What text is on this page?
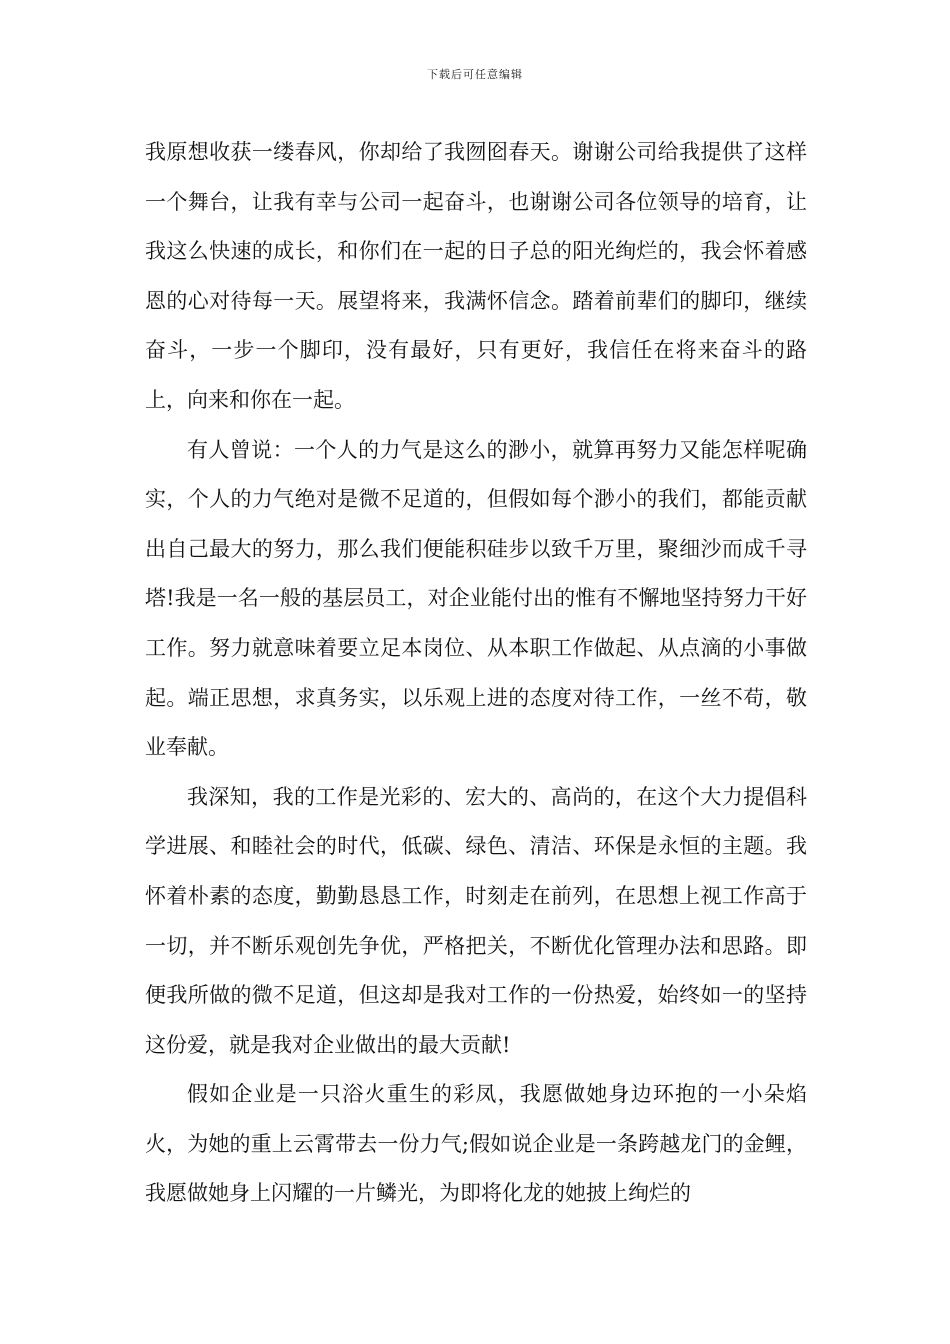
下载后可任意编辑

我原想收获一缕春风，你却给了我囫囵春天。谢谢公司给我提供了这样一个舞台，让我有幸与公司一起奋斗，也谢谢公司各位领导的培育，让我这么快速的成长，和你们在一起的日子总的阳光绚烂的，我会怀着感恩的心对待每一天。展望将来，我满怀信念。踏着前辈们的脚印，继续奋斗，一步一个脚印，没有最好，只有更好，我信任在将来奋斗的路上，向来和你在一起。

有人曾说：一个人的力气是这么的渺小，就算再努力又能怎样呢确实，个人的力气绝对是微不足道的，但假如每个渺小的我们，都能贡献出自己最大的努力，那么我们便能积硅步以致千万里，聚细沙而成千寻塔!我是一名一般的基层员工，对企业能付出的惟有不懈地坚持努力干好工作。努力就意味着要立足本岗位、从本职工作做起、从点滴的小事做起。端正思想，求真务实，以乐观上进的态度对待工作，一丝不苟，敬业奉献。

我深知，我的工作是光彩的、宏大的、高尚的，在这个大力提倡科学进展、和睦社会的时代，低碳、绿色、清洁、环保是永恒的主题。我怀着朴素的态度，勤勤恳恳工作，时刻走在前列，在思想上视工作高于一切，并不断乐观创先争优，严格把关，不断优化管理办法和思路。即便我所做的微不足道，但这却是我对工作的一份热爱，始终如一的坚持这份爱，就是我对企业做出的最大贡献!

假如企业是一只浴火重生的彩凤，我愿做她身边环抱的一小朵焰火，为她的重上云霄带去一份力气;假如说企业是一条跨越龙门的金鲤，我愿做她身上闪耀的一片鳞光，为即将化龙的她披上绚烂的
